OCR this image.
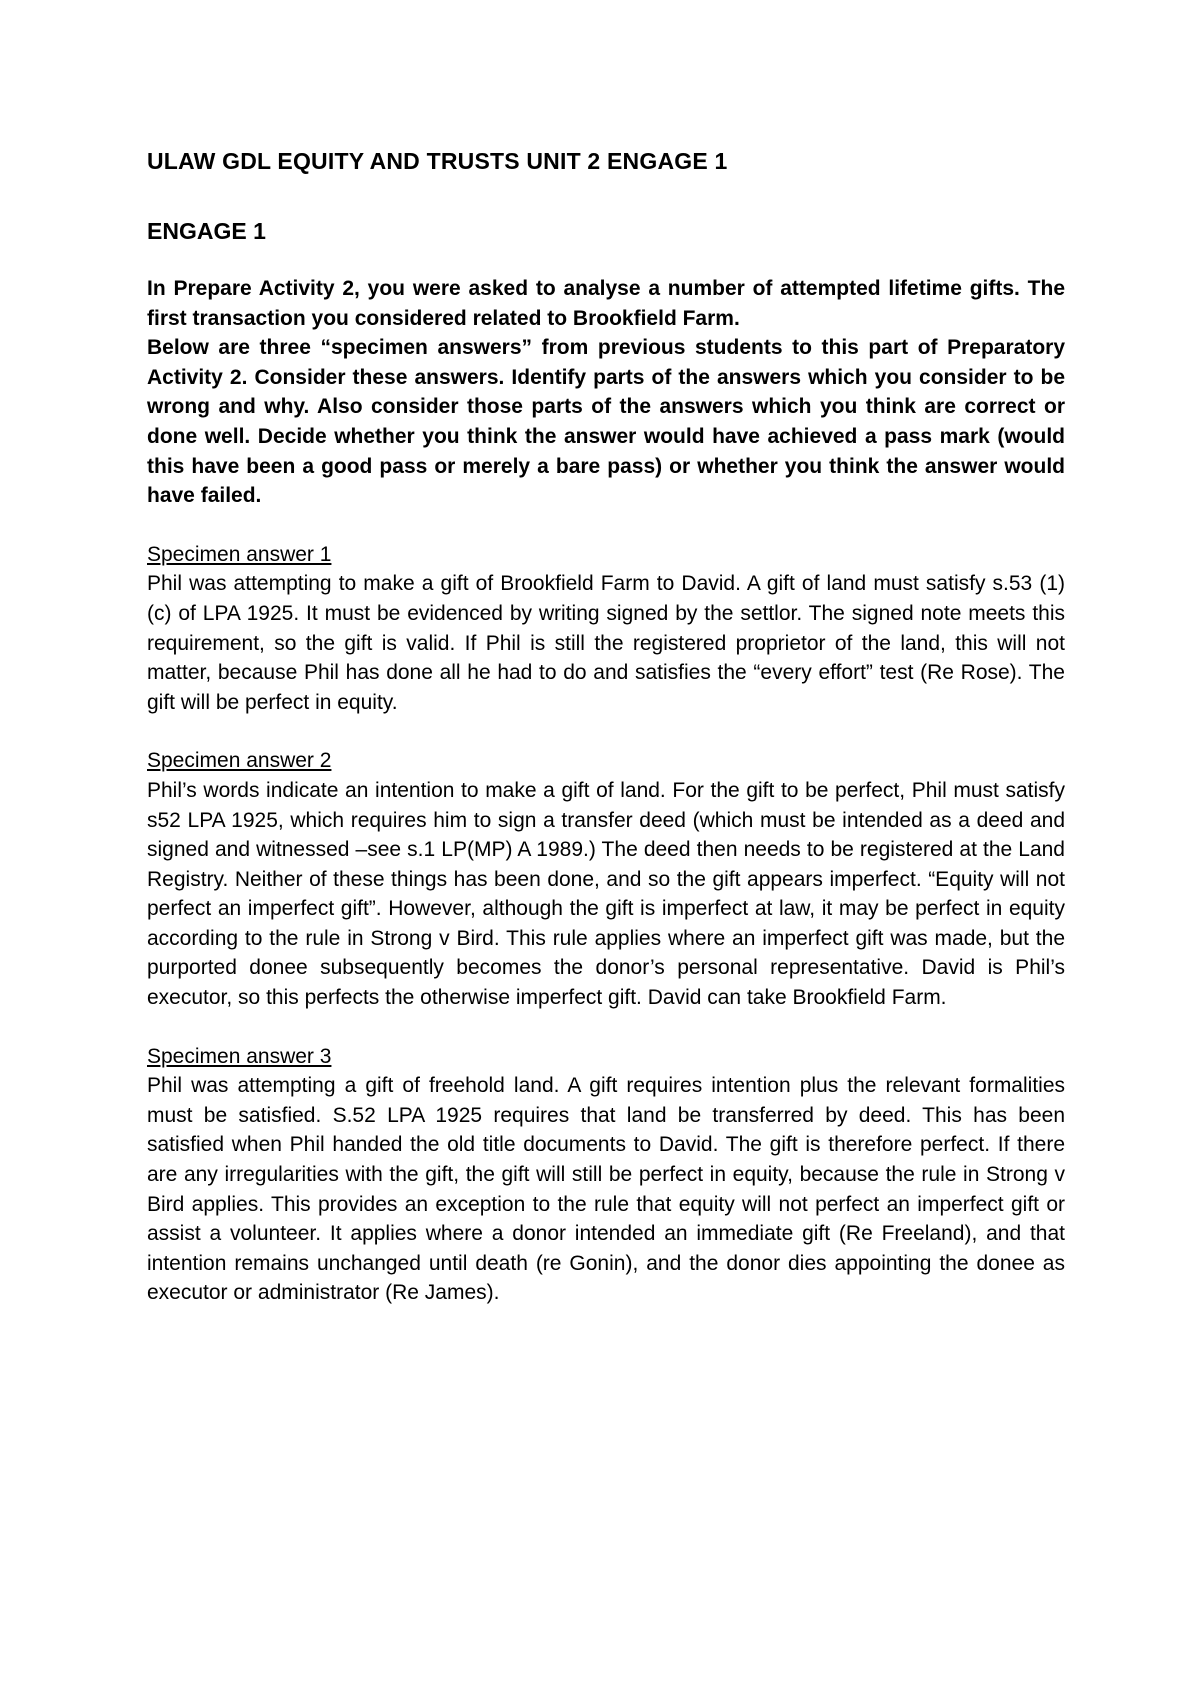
ULAW GDL EQUITY AND TRUSTS UNIT 2 ENGAGE 1
ENGAGE 1

In Prepare Activity 2, you were asked to analyse a number of attempted lifetime gifts. The first transaction you considered related to Brookfield Farm.

Below are three “specimen answers” from previous students to this part of Preparatory Activity 2. Consider these answers. Identify parts of the answers which you consider to be wrong and why. Also consider those parts of the answers which you think are correct or done well. Decide whether you think the answer would have achieved a pass mark (would this have been a good pass or merely a bare pass) or whether you think the answer would have failed.

Specimen answer 1

Phil was attempting to make a gift of Brookfield Farm to David. A gift of land must satisfy s.53 (1)(c) of LPA 1925. It must be evidenced by writing signed by the settlor. The signed note meets this requirement, so the gift is valid. If Phil is still the registered proprietor of the land, this will not matter, because Phil has done all he had to do and satisfies the “every effort” test (Re Rose). The gift will be perfect in equity.

Specimen answer 2

Phil’s words indicate an intention to make a gift of land. For the gift to be perfect, Phil must satisfy s52 LPA 1925, which requires him to sign a transfer deed (which must be intended as a deed and signed and witnessed –see s.1 LP(MP) A 1989.) The deed then needs to be registered at the Land Registry. Neither of these things has been done, and so the gift appears imperfect. “Equity will not perfect an imperfect gift”. However, although the gift is imperfect at law, it may be perfect in equity according to the rule in Strong v Bird. This rule applies where an imperfect gift was made, but the purported donee subsequently becomes the donor’s personal representative. David is Phil’s executor, so this perfects the otherwise imperfect gift. David can take Brookfield Farm.

Specimen answer 3

Phil was attempting a gift of freehold land. A gift requires intention plus the relevant formalities must be satisfied. S.52 LPA 1925 requires that land be transferred by deed. This has been satisfied when Phil handed the old title documents to David. The gift is therefore perfect. If there are any irregularities with the gift, the gift will still be perfect in equity, because the rule in Strong v Bird applies. This provides an exception to the rule that equity will not perfect an imperfect gift or assist a volunteer. It applies where a donor intended an immediate gift (Re Freeland), and that intention remains unchanged until death (re Gonin), and the donor dies appointing the donee as executor or administrator (Re James).
